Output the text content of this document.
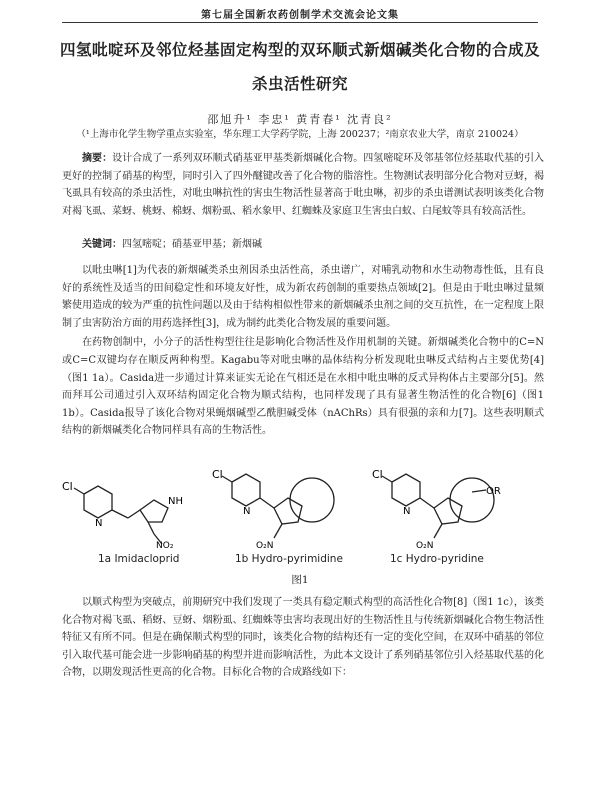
第七届全国新农药创制学术交流会论文集
四氢吡啶环及邻位烃基固定构型的双环顺式新烟碱类化合物的合成及
杀虫活性研究
邵旭升¹ 李忠¹ 黄青春¹ 沈青良²
（¹上海市化学生物学重点实验室，华东理工大学药学院，上海 200237；²南京农业大学，南京 210024）

摘要：设计合成了一系列双环顺式硝基亚甲基类新烟碱化合物。四氢嘧啶环及邻基邻位烃基取代基的引入更好的控制了硝基的构型，同时引入了四外醚键改善了化合物的脂溶性。生物测试表明部分化合物对豆蚜，褐飞虱具有较高的杀虫活性，对吡虫啉抗性的害虫生物活性显著高于吡虫啉，初步的杀虫谱测试表明该类化合物对褐飞虱、菜蚜、桃蚜、棉蚜、烟粉虱、稻水象甲、红蜘蛛及家庭卫生害虫白蚁、白尾蚊等具有较高活性。

关键词：四氢嘧啶；硝基亚甲基；新烟碱

以吡虫啉[1]为代表的新烟碱类杀虫剂因杀虫活性高，杀虫谱广，对哺乳动物和水生动物毒性低，且有良好的系统性及适当的田间稳定性和环境友好性，成为新农药创制的重要热点领域[2]。但是由于吡虫啉过量频繁使用造成的较为严重的抗性问题以及由于结构相似性带来的新烟碱杀虫剂之间的交互抗性，在一定程度上限制了虫害防治方面的用药选择性[3]，成为制约此类化合物发展的重要问题。

在药物创制中，小分子的活性构型往往是影响化合物活性及作用机制的关键。新烟碱类化合物中的C=N或C=C双键均存在顺反两种构型。Kagabu等对吡虫啉的晶体结构分析发现吡虫啉反式结构占主要优势[4]（图1 1a）。Casida进一步通过计算来证实无论在气相还是在水相中吡虫啉的反式异构体占主要部分[5]。然而拜耳公司通过引入双环结构固定化合物为顺式结构，也同样发现了具有显著生物活性的化合物[6]（图1 1b）。Casida报导了该化合物对果蝇烟碱型乙酰胆碱受体（nAChRs）具有很强的亲和力[7]。这些表明顺式结构的新烟碱类化合物同样具有高的生物活性。

Cl
N
NH
NO₂
Cl
N
O₂N
Cl
N
OR
O₂N
1a Imidacloprid	1b Hydro-pyrimidine	1c Hydro-pyridine
图1

以顺式构型为突破点，前期研究中我们发现了一类具有稳定顺式构型的高活性化合物[8]（图1 1c），该类化合物对褐飞虱、稻蚜、豆蚜、烟粉虱、红蜘蛛等虫害均表现出好的生物活性且与传统新烟碱化合物生物活性特征又有所不同。但是在确保顺式构型的同时，该类化合物的结构还有一定的变化空间，在双环中硝基的邻位引入取代基可能会进一步影响硝基的构型并进而影响活性，为此本文设计了系列硝基邻位引入烃基取代基的化合物，以期发现活性更高的化合物。目标化合物的合成路线如下：
